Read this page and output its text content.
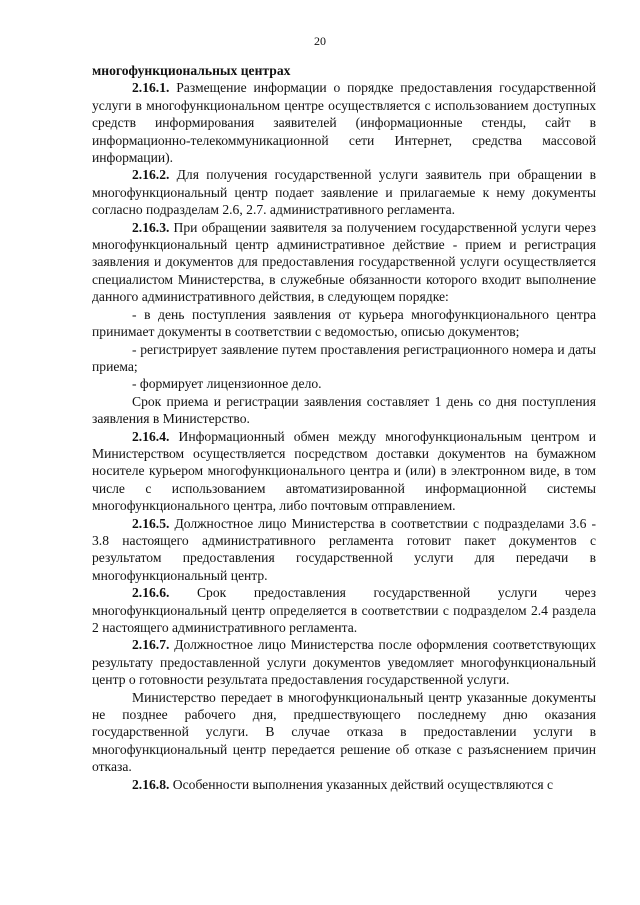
20

многофункциональных центрах

2.16.1. Размещение информации о порядке предоставления государственной услуги в многофункциональном центре осуществляется с использованием доступных средств информирования заявителей (информационные стенды, сайт в информационно-телекоммуникационной сети Интернет, средства массовой информации).

2.16.2. Для получения государственной услуги заявитель при обращении в многофункциональный центр подает заявление и прилагаемые к нему документы согласно подразделам 2.6, 2.7. административного регламента.

2.16.3. При обращении заявителя за получением государственной услуги через многофункциональный центр административное действие - прием и регистрация заявления и документов для предоставления государственной услуги осуществляется специалистом Министерства, в служебные обязанности которого входит выполнение данного административного действия, в следующем порядке:

- в день поступления заявления от курьера многофункционального центра принимает документы в соответствии с ведомостью, описью документов;

- регистрирует заявление путем проставления регистрационного номера и даты приема;

- формирует лицензионное дело.

Срок приема и регистрации заявления составляет 1 день со дня поступления заявления в Министерство.

2.16.4. Информационный обмен между многофункциональным центром и Министерством осуществляется посредством доставки документов на бумажном носителе курьером многофункционального центра и (или) в электронном виде, в том числе с использованием автоматизированной информационной системы многофункционального центра, либо почтовым отправлением.

2.16.5. Должностное лицо Министерства в соответствии с подразделами 3.6 - 3.8 настоящего административного регламента готовит пакет документов с результатом предоставления государственной услуги для передачи в многофункциональный центр.

2.16.6. Срок предоставления государственной услуги через многофункциональный центр определяется в соответствии с подразделом 2.4 раздела 2 настоящего административного регламента.

2.16.7. Должностное лицо Министерства после оформления соответствующих результату предоставленной услуги документов уведомляет многофункциональный центр о готовности результата предоставления государственной услуги.

Министерство передает в многофункциональный центр указанные документы не позднее рабочего дня, предшествующего последнему дню оказания государственной услуги. В случае отказа в предоставлении услуги в многофункциональный центр передается решение об отказе с разъяснением причин отказа.

2.16.8. Особенности выполнения указанных действий осуществляются с
